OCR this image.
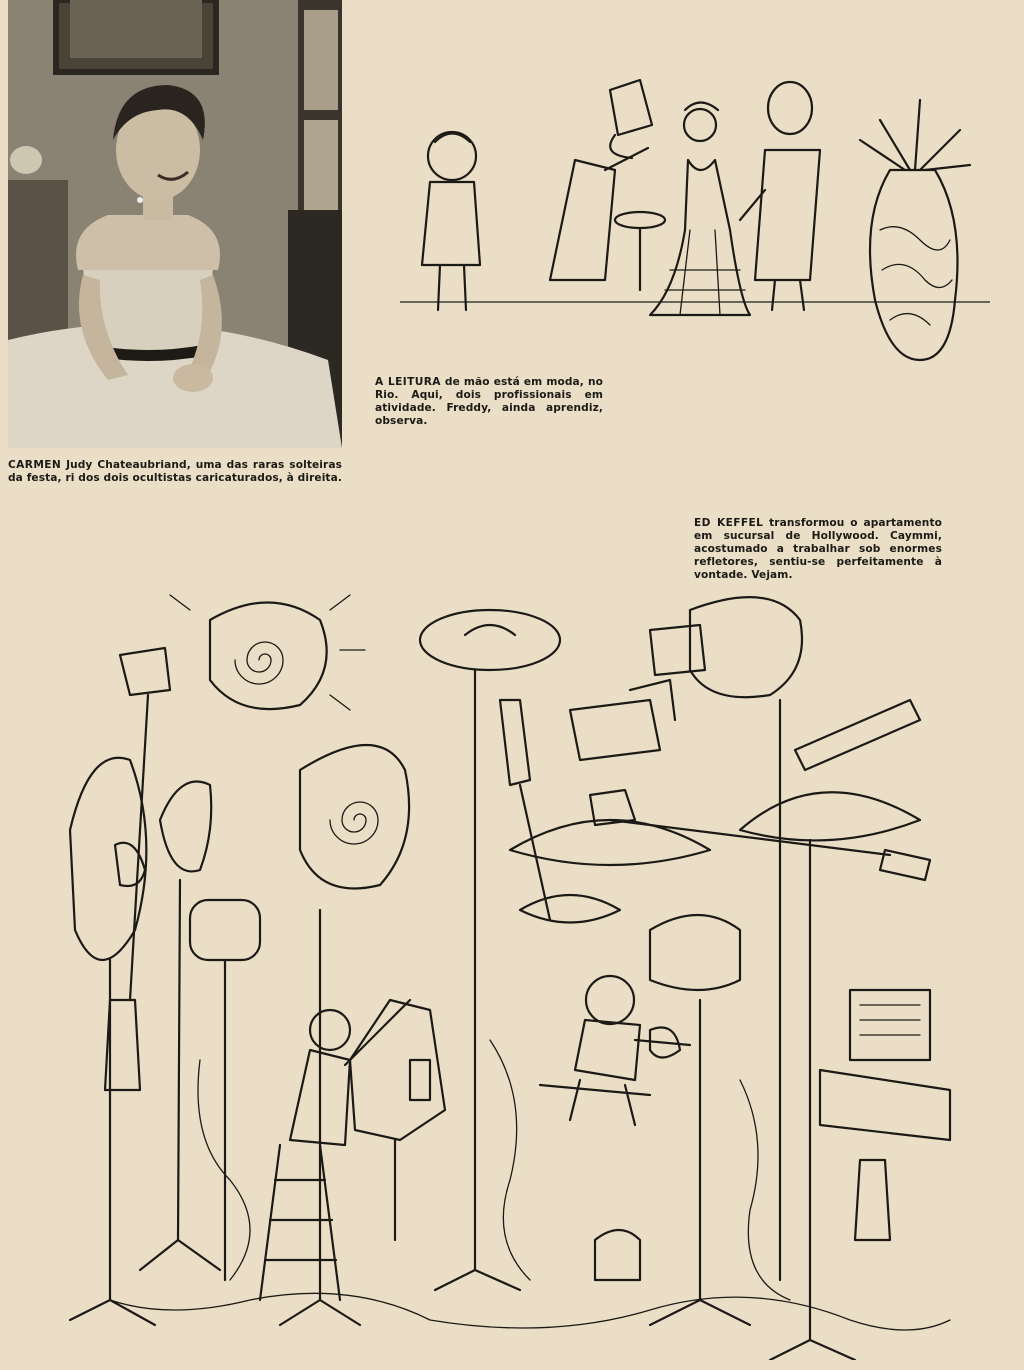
CARMEN Judy Chateaubriand, uma das raras solteiras da festa, ri dos dois ocultistas caricaturados, à direita.
A LEITURA de mão está em moda, no Rio. Aqui, dois profissionais em atividade. Freddy, ainda aprendiz, observa.
ED KEFFEL transformou o apartamento em sucursal de Hollywood. Caymmi, acostumado a trabalhar sob enormes refletores, sentiu-se perfeitamente à vontade. Vejam.
